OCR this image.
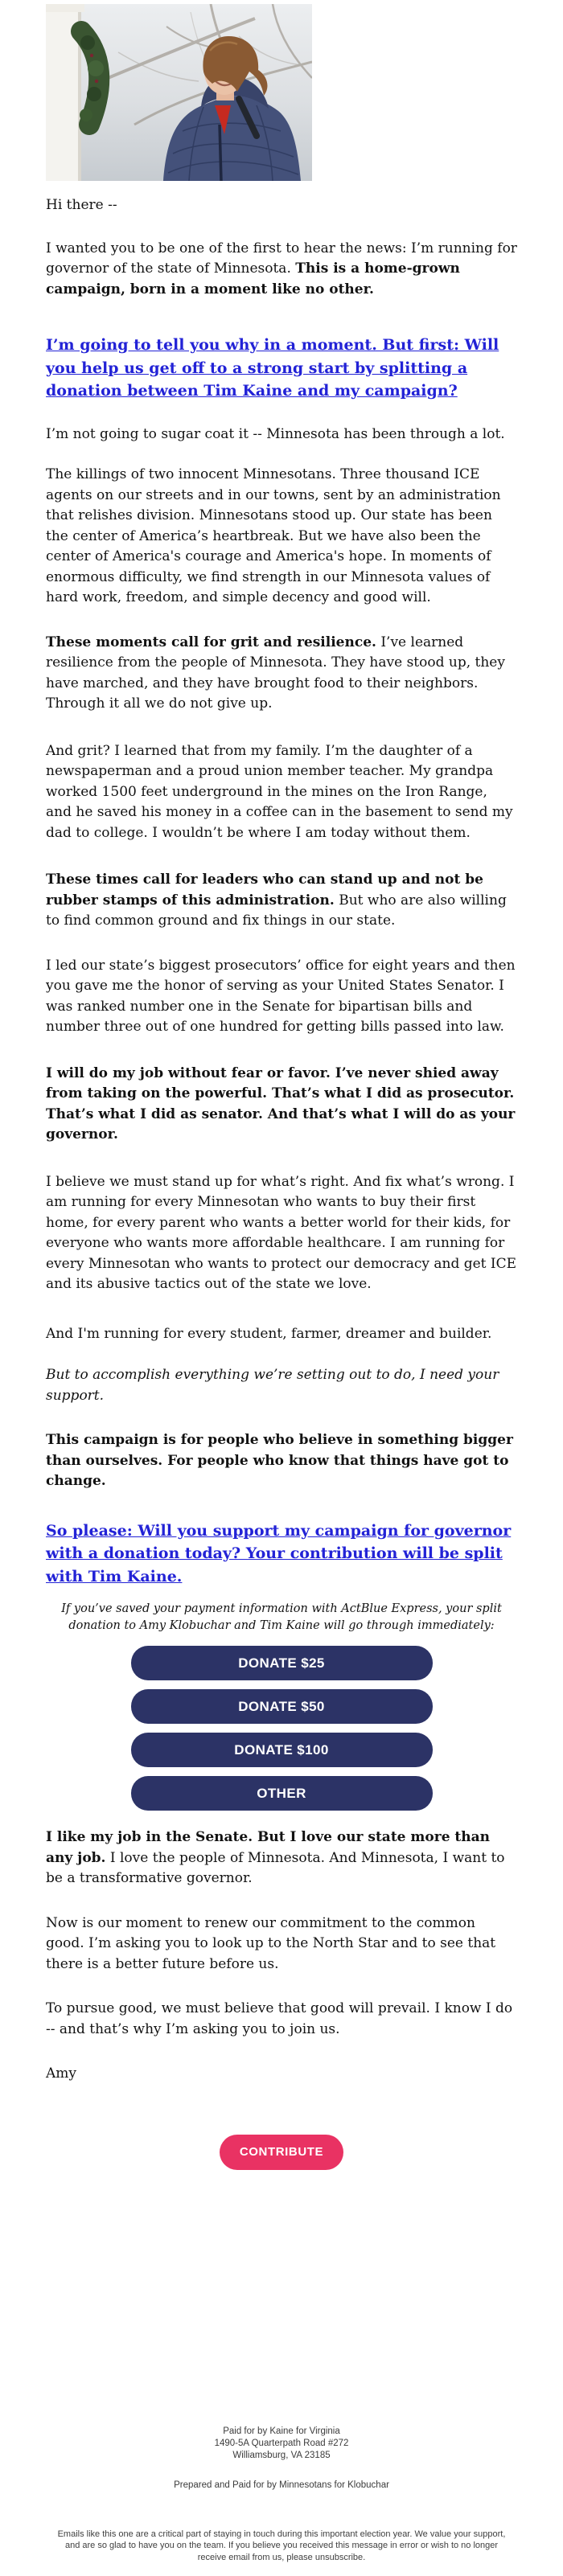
Hi there --

I wanted you to be one of the first to hear the news: I’m running for governor of the state of Minnesota. This is a home-grown campaign, born in a moment like no other.

I’m going to tell you why in a moment. But first: Will you help us get off to a strong start by splitting a donation between Tim Kaine and my campaign?

I’m not going to sugar coat it -- Minnesota has been through a lot.

The killings of two innocent Minnesotans. Three thousand ICE agents on our streets and in our towns, sent by an administration that relishes division. Minnesotans stood up. Our state has been the center of America’s heartbreak. But we have also been the center of America's courage and America's hope. In moments of enormous difficulty, we find strength in our Minnesota values of hard work, freedom, and simple decency and good will.

These moments call for grit and resilience. I’ve learned resilience from the people of Minnesota. They have stood up, they have marched, and they have brought food to their neighbors. Through it all we do not give up.

And grit? I learned that from my family. I’m the daughter of a newspaperman and a proud union member teacher. My grandpa worked 1500 feet underground in the mines on the Iron Range, and he saved his money in a coffee can in the basement to send my dad to college. I wouldn’t be where I am today without them.

These times call for leaders who can stand up and not be rubber stamps of this administration. But who are also willing to find common ground and fix things in our state.

I led our state’s biggest prosecutors’ office for eight years and then you gave me the honor of serving as your United States Senator. I was ranked number one in the Senate for bipartisan bills and number three out of one hundred for getting bills passed into law.

I will do my job without fear or favor. I’ve never shied away from taking on the powerful. That’s what I did as prosecutor. That’s what I did as senator. And that’s what I will do as your governor.

I believe we must stand up for what’s right. And fix what’s wrong. I am running for every Minnesotan who wants to buy their first home, for every parent who wants a better world for their kids, for everyone who wants more affordable healthcare. I am running for every Minnesotan who wants to protect our democracy and get ICE and its abusive tactics out of the state we love.

And I'm running for every student, farmer, dreamer and builder.

But to accomplish everything we’re setting out to do, I need your support.

This campaign is for people who believe in something bigger than ourselves. For people who know that things have got to change.

So please: Will you support my campaign for governor with a donation today? Your contribution will be split with Tim Kaine.

If you’ve saved your payment information with ActBlue Express, your split donation to Amy Klobuchar and Tim Kaine will go through immediately:

DONATE $25
DONATE $50
DONATE $100
OTHER

I like my job in the Senate. But I love our state more than any job. I love the people of Minnesota. And Minnesota, I want to be a transformative governor.

Now is our moment to renew our commitment to the common good. I’m asking you to look up to the North Star and to see that there is a better future before us.

To pursue good, we must believe that good will prevail. I know I do -- and that’s why I’m asking you to join us.

Amy

CONTRIBUTE
Paid for by Kaine for Virginia
1490-5A Quarterpath Road #272
Williamsburg, VA 23185
Prepared and Paid for by Minnesotans for Klobuchar
Emails like this one are a critical part of staying in touch during this important election year. We value your support, and are so glad to have you on the team. If you believe you received this message in error or wish to no longer receive email from us, please unsubscribe.
